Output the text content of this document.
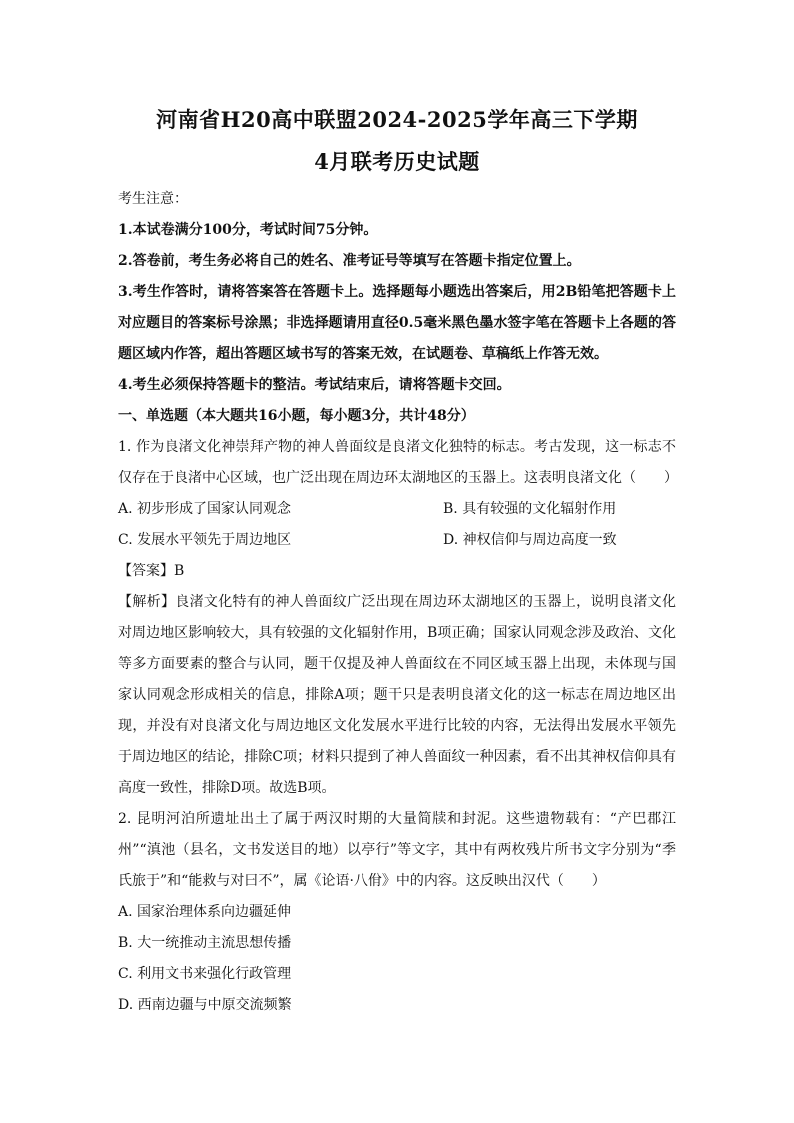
河南省H20高中联盟2024-2025学年高三下学期
4月联考历史试题
考生注意：
1.本试卷满分100分，考试时间75分钟。
2.答卷前，考生务必将自己的姓名、准考证号等填写在答题卡指定位置上。
3.考生作答时，请将答案答在答题卡上。选择题每小题选出答案后，用2B铅笔把答题卡上对应题目的答案标号涂黑；非选择题请用直径0.5毫米黑色墨水签字笔在答题卡上各题的答题区域内作答，超出答题区域书写的答案无效，在试题卷、草稿纸上作答无效。
4.考生必须保持答题卡的整洁。考试结束后，请将答题卡交回。
一、单选题（本大题共16小题，每小题3分，共计48分）
1. 作为良渚文化神崇拜产物的神人兽面纹是良渚文化独特的标志。考古发现，这一标志不仅存在于良渚中心区域，也广泛出现在周边环太湖地区的玉器上。这表明良渚文化（　　）
A. 初步形成了国家认同观念	B. 具有较强的文化辐射作用
C. 发展水平领先于周边地区	D. 神权信仰与周边高度一致
【答案】B
【解析】良渚文化特有的神人兽面纹广泛出现在周边环太湖地区的玉器上，说明良渚文化对周边地区影响较大，具有较强的文化辐射作用，B项正确；国家认同观念涉及政治、文化等多方面要素的整合与认同，题干仅提及神人兽面纹在不同区域玉器上出现，未体现与国家认同观念形成相关的信息，排除A项；题干只是表明良渚文化的这一标志在周边地区出现，并没有对良渚文化与周边地区文化发展水平进行比较的内容，无法得出发展水平领先于周边地区的结论，排除C项；材料只提到了神人兽面纹一种因素，看不出其神权信仰具有高度一致性，排除D项。故选B项。
2. 昆明河泊所遗址出土了属于两汉时期的大量简牍和封泥。这些遗物载有：“产巴郡江州”“滇池（县名，文书发送目的地）以亭行”等文字，其中有两枚残片所书文字分别为“季氏旅于”和“能救与对曰不”，属《论语·八佾》中的内容。这反映出汉代（　　）
A. 国家治理体系向边疆延伸
B. 大一统推动主流思想传播
C. 利用文书来强化行政管理
D. 西南边疆与中原交流频繁
